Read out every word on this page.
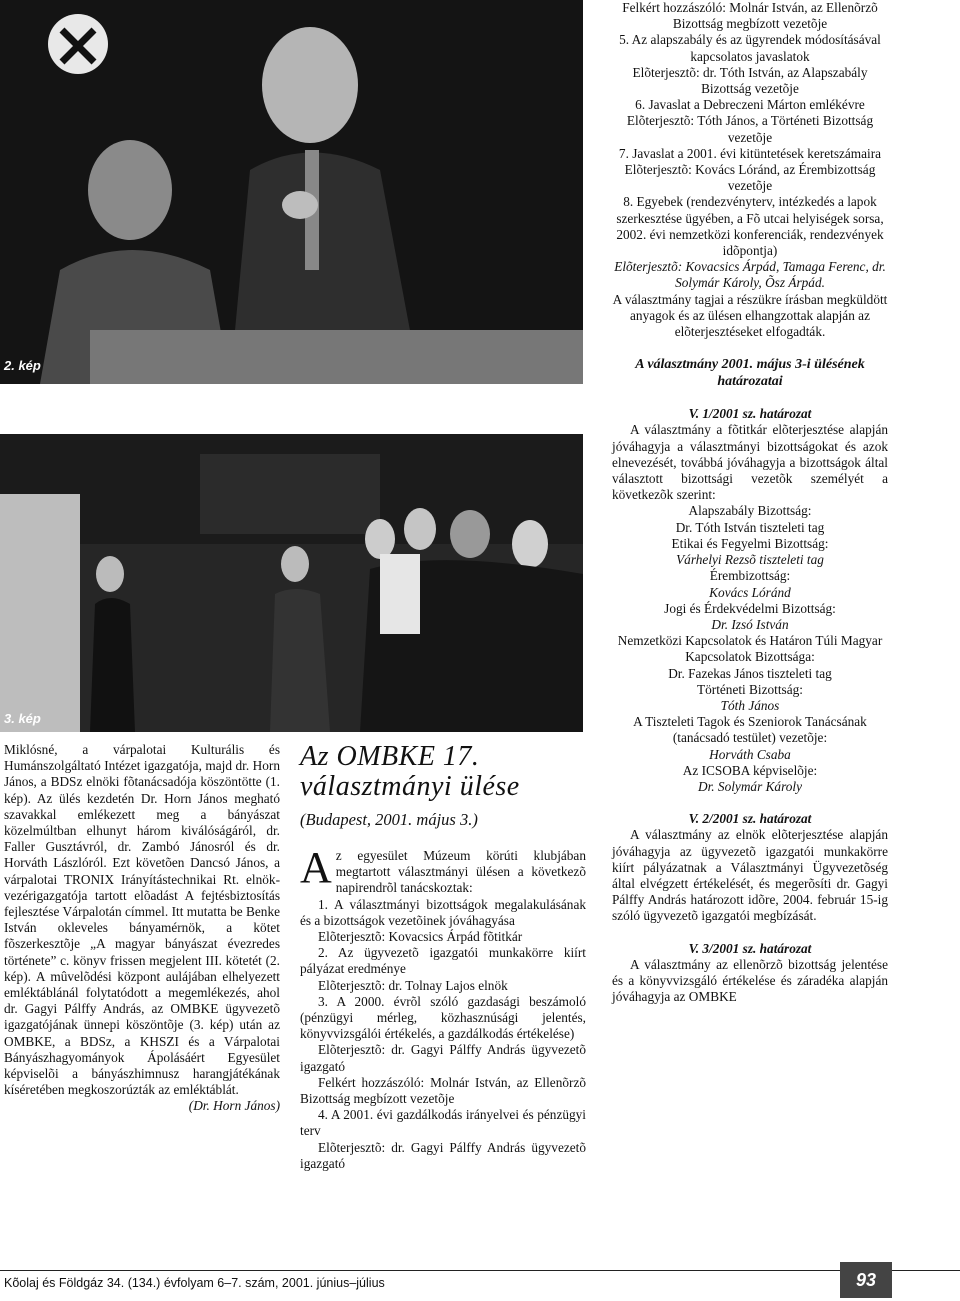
2. kép
3. kép

Felkért hozzászóló: Molnár István, az Ellenõrzõ Bizottság megbízott vezetõje

5. Az alapszabály és az ügyrendek módosításával kapcsolatos javaslatok

Elõterjesztõ: dr. Tóth István, az Alapszabály Bizottság vezetõje

6. Javaslat a Debreczeni Márton emlékévre

Elõterjesztõ: Tóth János, a Történeti Bizottság vezetõje

7. Javaslat a 2001. évi kitüntetések keretszámaira

Elõterjesztõ: Kovács Lóránd, az Érembizottság vezetõje

8. Egyebek (rendezvényterv, intézkedés a lapok szerkesztése ügyében, a Fõ utcai helyiségek sorsa, 2002. évi nemzetközi konferenciák, rendezvények idõpontja)

Elõterjesztõ: Kovacsics Árpád, Tamaga Ferenc, dr. Solymár Károly, Õsz Árpád.

A választmány tagjai a részükre írásban megküldött anyagok és az ülésen elhangzottak alapján az elõterjesztéseket elfogadták.

A választmány 2001. május 3-i ülésének határozatai

V. 1/2001 sz. határozat

A választmány a fõtitkár elõterjesztése alapján jóváhagyja a választmányi bizottságokat és azok elnevezését, továbbá jóváhagyja a bizottságok által választott bizottsági vezetõk személyét a következõk szerint:

Alapszabály Bizottság:

Dr. Tóth István tiszteleti tag

Etikai és Fegyelmi Bizottság:

Várhelyi Rezsõ tiszteleti tag

Érembizottság:

Kovács Lóránd

Jogi és Érdekvédelmi Bizottság:

Dr. Izsó István

Nemzetközi Kapcsolatok és Határon Túli Magyar Kapcsolatok Bizottsága:

Dr. Fazekas János tiszteleti tag

Történeti Bizottság:

Tóth János

A Tiszteleti Tagok és Szeniorok Tanácsának (tanácsadó testület) vezetõje:

Horváth Csaba

Az ICSOBA képviselõje:

Dr. Solymár Károly

V. 2/2001 sz. határozat

A választmány az elnök elõterjesztése alapján jóváhagyja az ügyvezetõ igazgatói munkakörre kiírt pályázatnak a Választmányi Ügyvezetõség által elvégzett értékelését, és megerõsíti dr. Gagyi Pálffy András határozott idõre, 2004. február 15-ig szóló ügyvezetõ igazgatói megbízását.

V. 3/2001 sz. határozat

A választmány az ellenõrzõ bizottság jelentése és a könyvvizsgáló értékelése és záradéka alapján jóváhagyja az OMBKE

Miklósné, a várpalotai Kulturális és Humánszolgáltató Intézet igazgatója, majd dr. Horn János, a BDSz elnöki fõtanácsadója köszöntötte (1. kép). Az ülés kezdetén Dr. Horn János megható szavakkal emlékezett meg a bányászat közelmúltban elhunyt három kiválóságáról, dr. Faller Gusztávról, dr. Zambó Jánosról és dr. Horváth Lászlóról. Ezt követõen Dancsó János, a várpalotai TRONIX Irányítástechnikai Rt. elnök-vezérigazgatója tartott elõadást A fejtésbiztosítás fejlesztése Várpalotán címmel. Itt mutatta be Benke István okleveles bányamérnök, a kötet fõszerkesztõje „A magyar bányászat évezredes története” c. könyv frissen megjelent III. kötetét (2. kép). A mûvelõdési központ aulájában elhelyezett emléktáblánál folytatódott a megemlékezés, ahol dr. Gagyi Pálffy András, az OMBKE ügyvezetõ igazgatójának ünnepi köszöntõje (3. kép) után az OMBKE, a BDSz, a KHSZI és a Várpalotai Bányászhagyományok Ápolásáért Egyesület képviselõi a bányászhimnusz harangjátékának kíséretében megkoszorúzták az emléktáblát.

(Dr. Horn János)

Az OMBKE 17. választmányi ülése
(Budapest, 2001. május 3.)

Az egyesület Múzeum körúti klubjában megtartott választmányi ülésen a következõ napirendrõl tanácskoztak:

1. A választmányi bizottságok megalakulásának és a bizottságok vezetõinek jóváhagyása

Elõterjesztõ: Kovacsics Árpád fõtitkár

2. Az ügyvezetõ igazgatói munkakörre kiírt pályázat eredménye

Elõterjesztõ: dr. Tolnay Lajos elnök

3. A 2000. évrõl szóló gazdasági beszámoló (pénzügyi mérleg, közhasznúsági jelentés, könyvvizsgálói értékelés, a gazdálkodás értékelése)

Elõterjesztõ: dr. Gagyi Pálffy András ügyvezetõ igazgató

Felkért hozzászóló: Molnár István, az Ellenõrzõ Bizottság megbízott vezetõje

4. A 2001. évi gazdálkodás irányelvei és pénzügyi terv

Elõterjesztõ: dr. Gagyi Pálffy András ügyvezetõ igazgató

Kõolaj és Földgáz 34. (134.) évfolyam 6–7. szám, 2001. június–július	93
